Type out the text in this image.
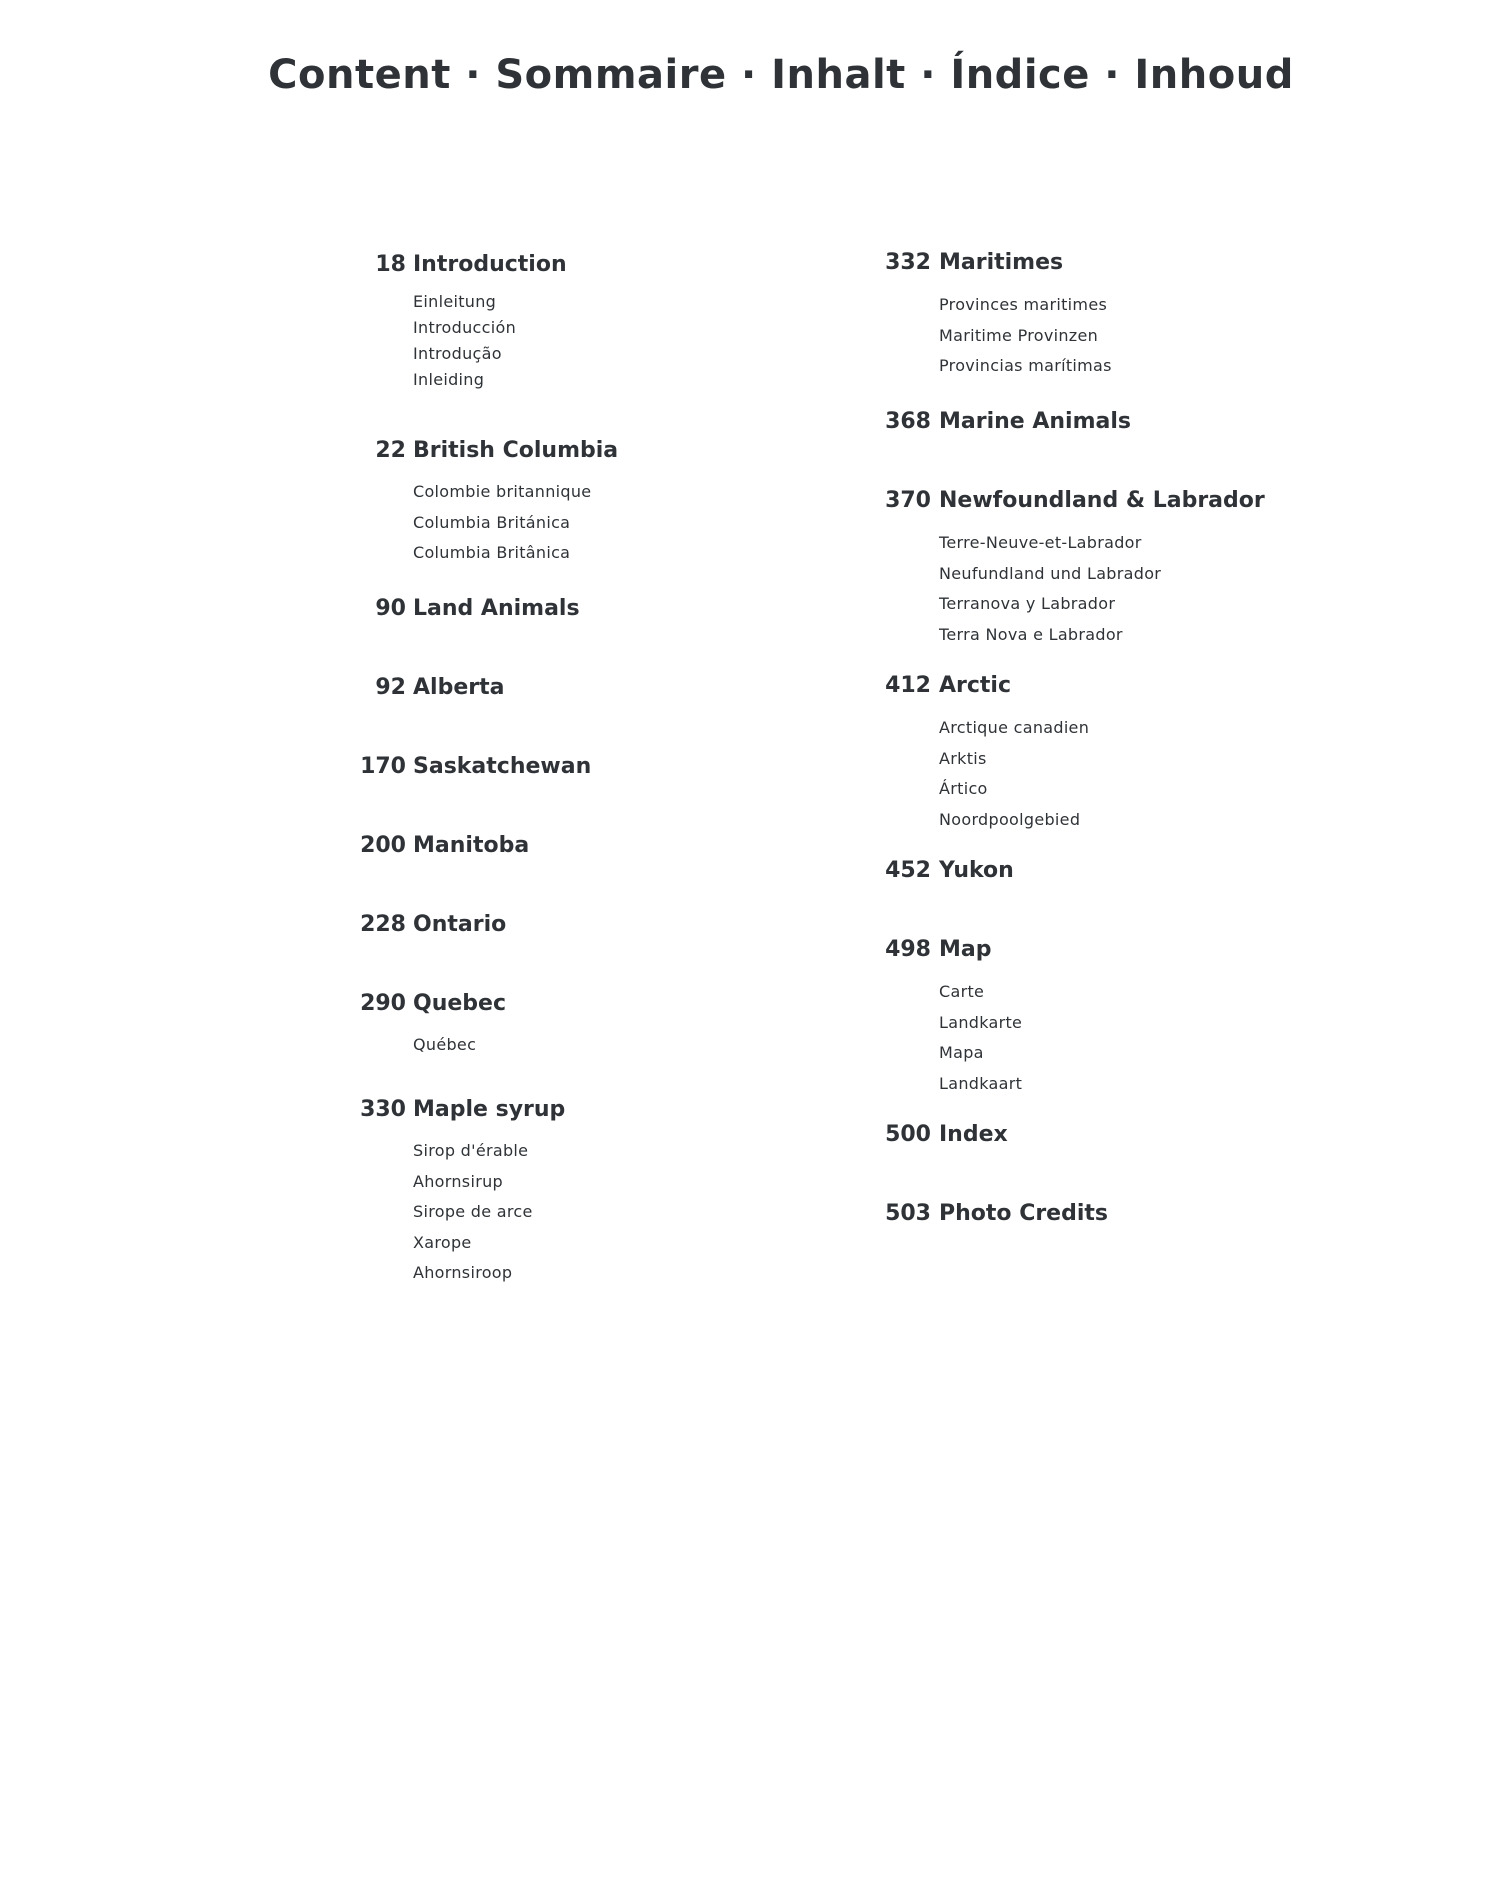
Content · Sommaire · Inhalt · Índice · Inhoud
Introduction
Einleitung
Introducción
Introdução
Inleiding
British Columbia
Colombie britannique
Columbia Británica
Columbia Britânica
Land Animals
Alberta
Saskatchewan
Manitoba
Ontario
Quebec
Québec
Maple syrup
Sirop d'érable
Ahornsirup
Sirope de arce
Xarope
Ahornsiroop
Maritimes
Provinces maritimes
Maritime Provinzen
Provincias marítimas
Marine Animals
Newfoundland & Labrador
Terre-Neuve-et-Labrador
Neufundland und Labrador
Terranova y Labrador
Terra Nova e Labrador
Arctic
Arctique canadien
Arktis
Ártico
Noordpoolgebied
Yukon
Map
Carte
Landkarte
Mapa
Landkaart
Index
Photo Credits
18
22
90
92
170
200
228
290
330
332
368
370
412
452
498
500
503
